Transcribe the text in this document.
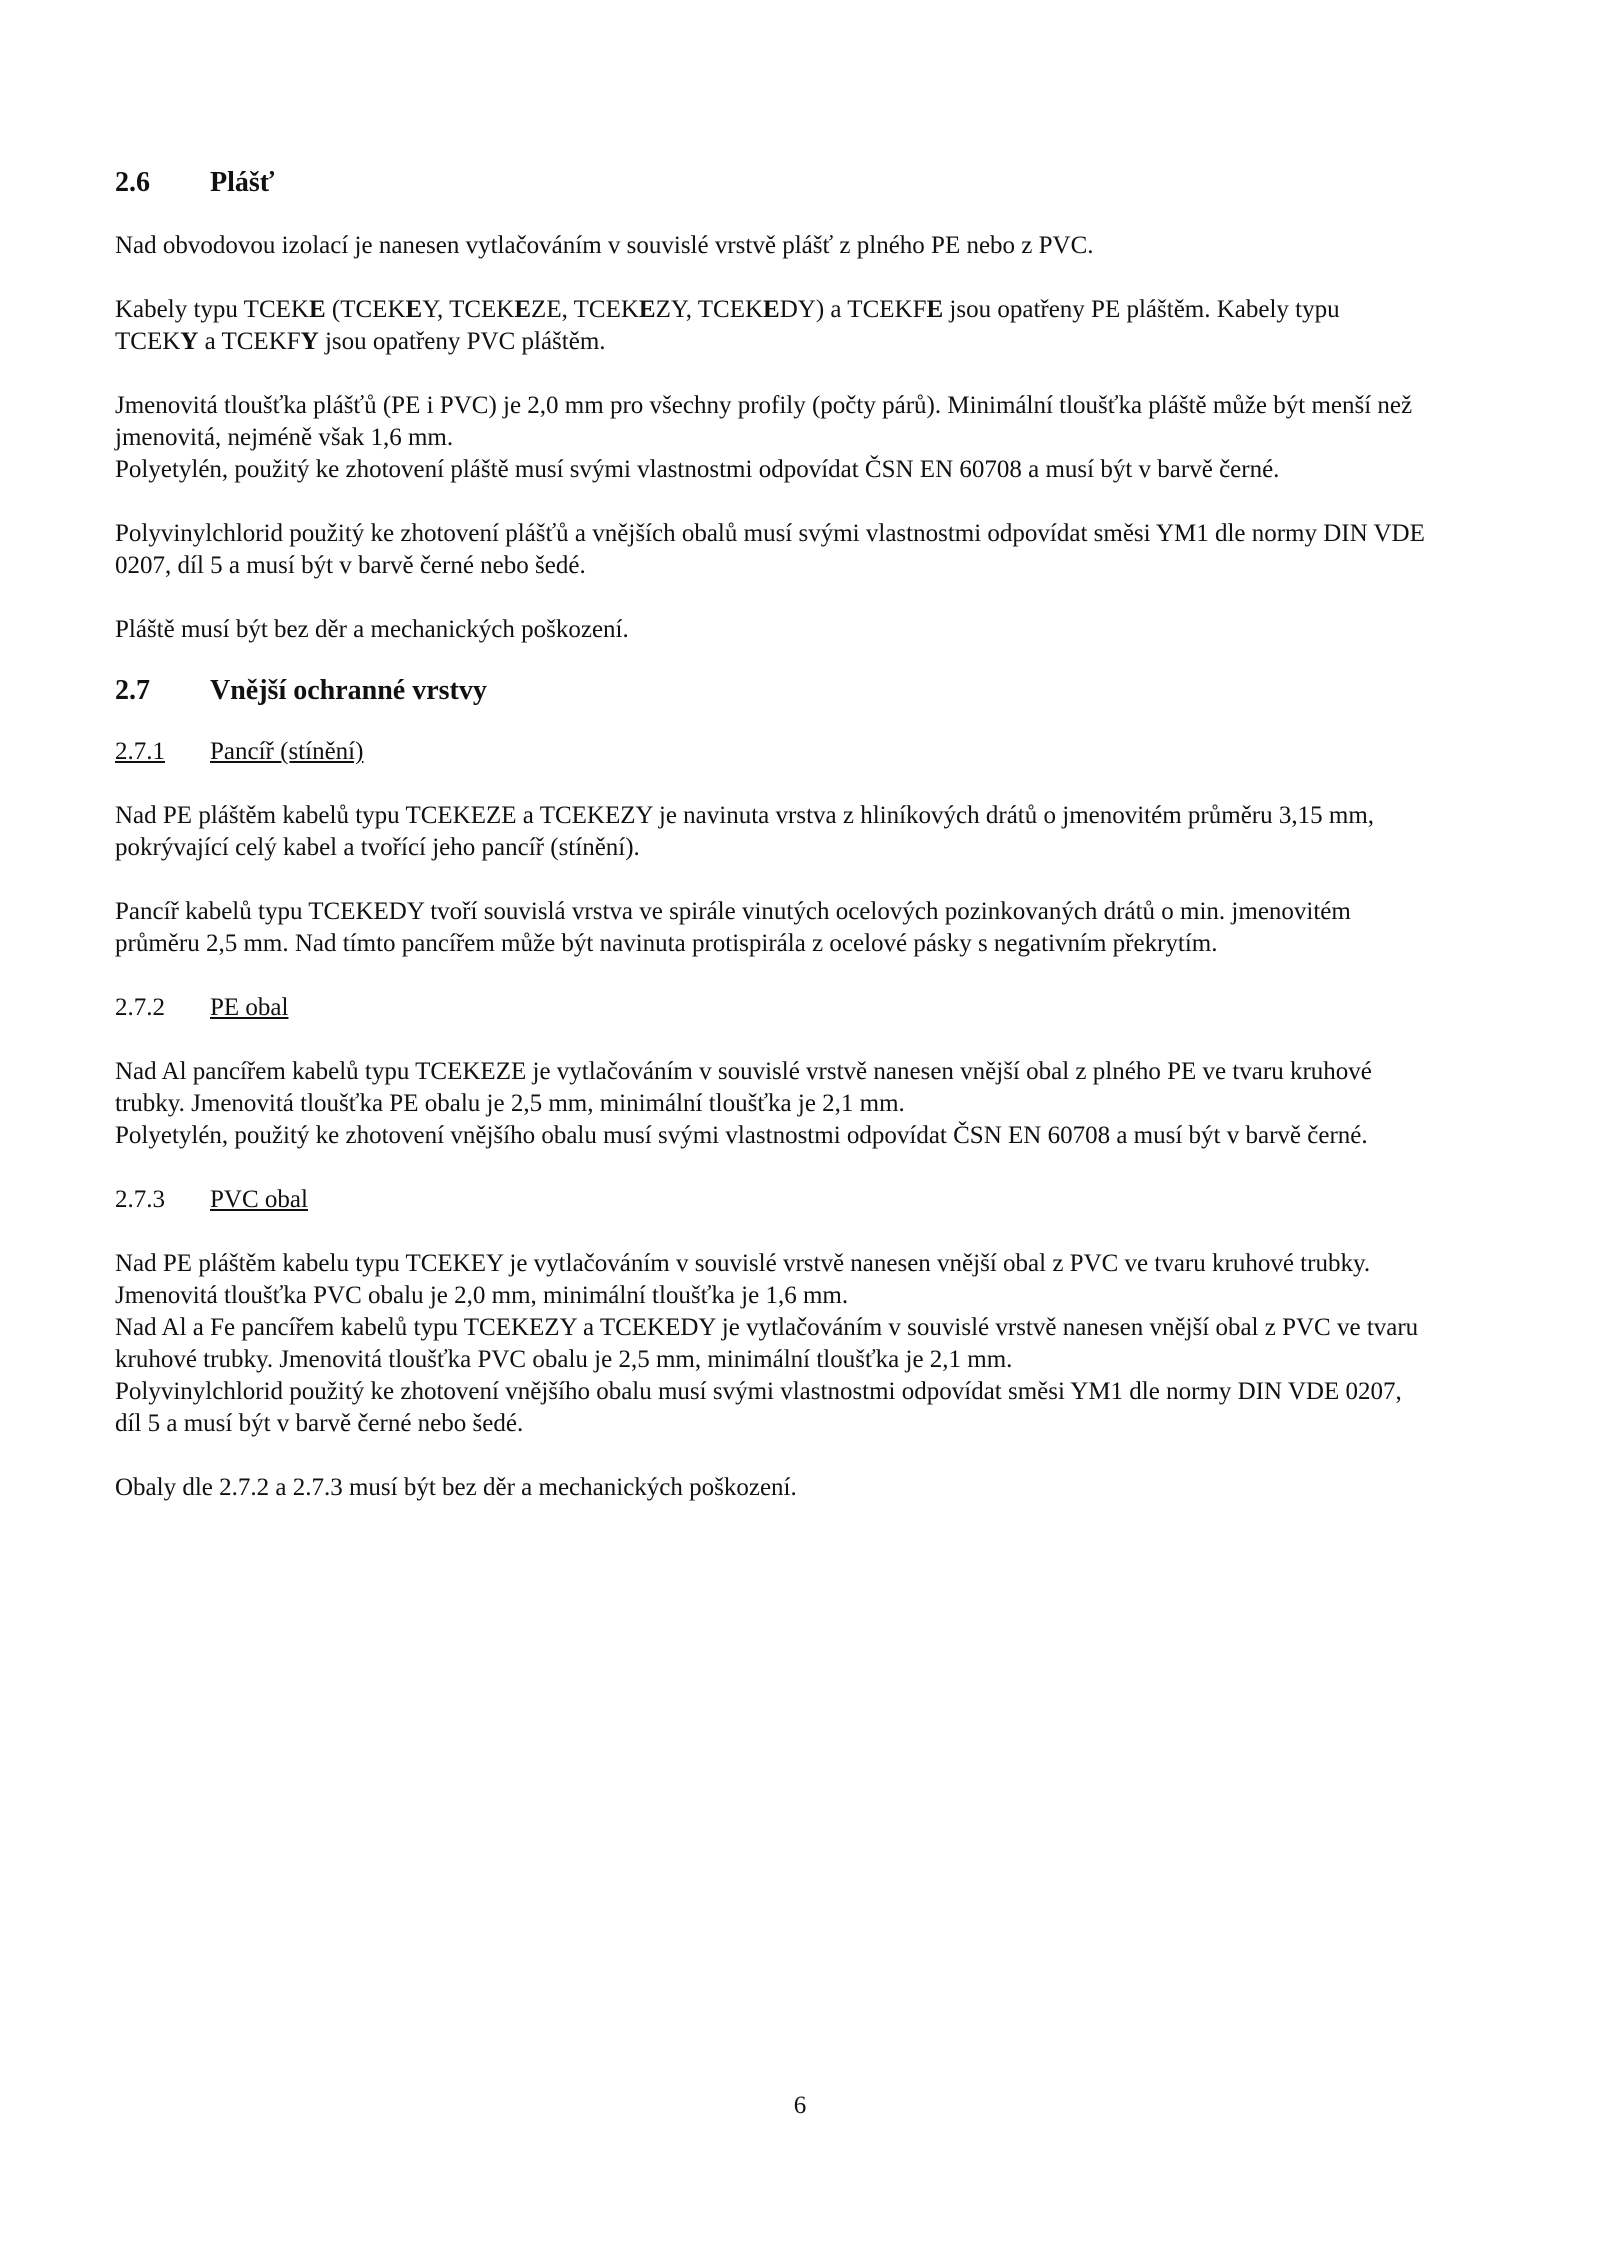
2.6	Plášť

Nad obvodovou izolací je nanesen vytlačováním v souvislé vrstvě plášť z plného PE nebo z PVC.

Kabely typu TCEKE (TCEKEY, TCEKEZE, TCEKEZY, TCEKEDY) a TCEKFE jsou opatřeny PE pláštěm. Kabely typu TCEKY a TCEKFY jsou opatřeny PVC pláštěm.

Jmenovitá tloušťka plášťů (PE i PVC) je 2,0 mm pro všechny profily (počty párů). Minimální tloušťka pláště může být menší než jmenovitá, nejméně však 1,6 mm.

Polyetylén, použitý ke zhotovení pláště musí svými vlastnostmi odpovídat ČSN EN 60708 a musí být v barvě černé.

Polyvinylchlorid použitý ke zhotovení plášťů a vnějších obalů musí svými vlastnostmi odpovídat směsi YM1 dle normy DIN VDE 0207, díl 5 a musí být v barvě černé nebo šedé.

Pláště musí být bez děr a mechanických poškození.

2.7	Vnější ochranné vrstvy
2.7.1	Pancíř (stínění)

Nad PE pláštěm kabelů typu TCEKEZE a TCEKEZY je navinuta vrstva z hliníkových drátů o jmenovitém průměru 3,15 mm, pokrývající celý kabel a tvořící jeho pancíř (stínění).

Pancíř kabelů typu TCEKEDY tvoří souvislá vrstva ve spirále vinutých ocelových pozinkovaných drátů o min. jmenovitém průměru 2,5 mm. Nad tímto pancířem může být navinuta protispirála z ocelové pásky s negativním překrytím.

2.7.2	PE obal

Nad Al pancířem kabelů typu TCEKEZE je vytlačováním v souvislé vrstvě nanesen vnější obal z plného PE ve tvaru kruhové trubky. Jmenovitá tloušťka PE obalu je 2,5 mm, minimální tloušťka je 2,1 mm.

Polyetylén, použitý ke zhotovení vnějšího obalu musí svými vlastnostmi odpovídat ČSN EN 60708 a musí být v barvě černé.

2.7.3	PVC obal

Nad PE pláštěm kabelu typu TCEKEY je vytlačováním v souvislé vrstvě nanesen vnější obal z PVC ve tvaru kruhové trubky. Jmenovitá tloušťka PVC obalu je 2,0 mm, minimální tloušťka je 1,6 mm.

Nad Al a Fe pancířem kabelů typu TCEKEZY a TCEKEDY je vytlačováním v souvislé vrstvě nanesen vnější obal z PVC ve tvaru kruhové trubky. Jmenovitá tloušťka PVC obalu je 2,5 mm, minimální tloušťka je 2,1 mm.

Polyvinylchlorid použitý ke zhotovení vnějšího obalu musí svými vlastnostmi odpovídat směsi YM1 dle normy DIN VDE 0207, díl 5 a musí být v barvě černé nebo šedé.

Obaly dle 2.7.2 a 2.7.3 musí být bez děr a mechanických poškození.

6
